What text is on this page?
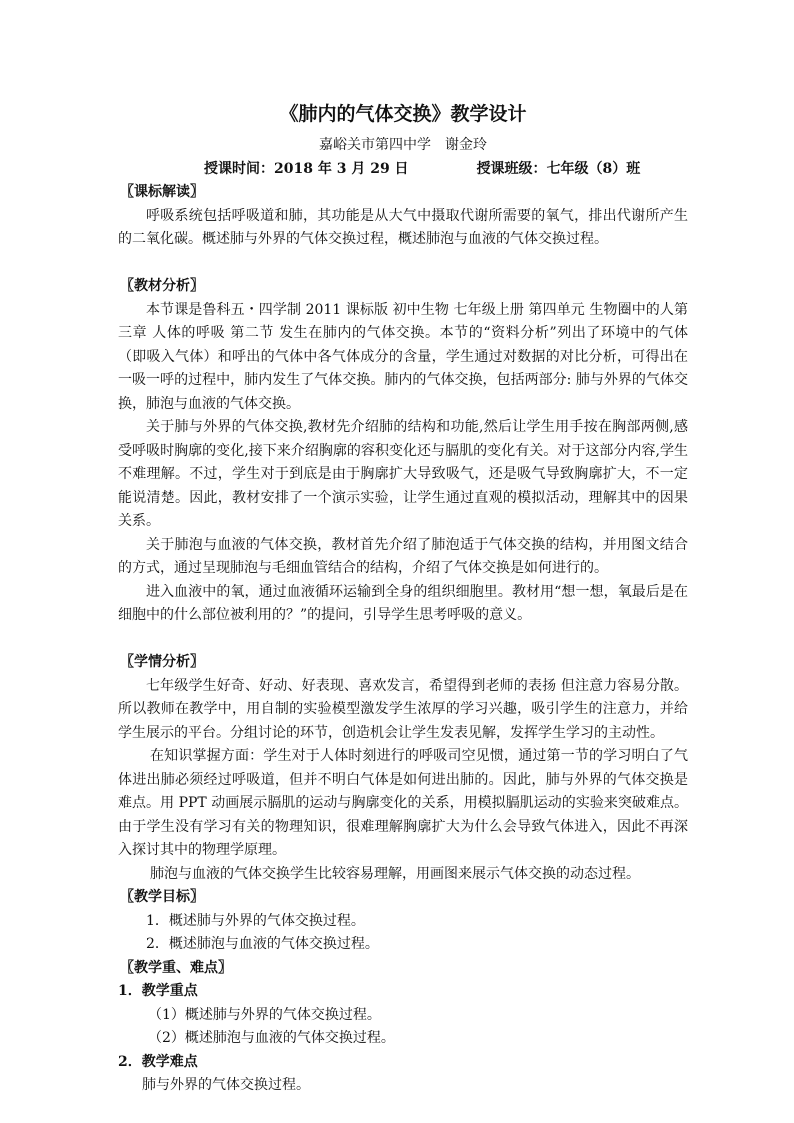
《肺内的气体交换》教学设计

嘉峪关市第四中学　谢金玲

授课时间：2018 年 3 月 29 日	授课班级：七年级（8）班

〖课标解读〗

呼吸系统包括呼吸道和肺，其功能是从大气中摄取代谢所需要的氧气，排出代谢所产生的二氧化碳。概述肺与外界的气体交换过程，概述肺泡与血液的气体交换过程。

〖教材分析〗

本节课是鲁科五・四学制 2011 课标版 初中生物 七年级上册 第四单元 生物圈中的人第三章 人体的呼吸 第二节 发生在肺内的气体交换。本节的“资料分析”列出了环境中的气体（即吸入气体）和呼出的气体中各气体成分的含量，学生通过对数据的对比分析，可得出在一吸一呼的过程中，肺内发生了气体交换。肺内的气体交换，包括两部分: 肺与外界的气体交换，肺泡与血液的气体交换。

关于肺与外界的气体交换,教材先介绍肺的结构和功能,然后让学生用手按在胸部两侧,感受呼吸时胸廓的变化,接下来介绍胸廓的容积变化还与膈肌的变化有关。对于这部分内容,学生不难理解。不过，学生对于到底是由于胸廓扩大导致吸气，还是吸气导致胸廓扩大，不一定能说清楚。因此，教材安排了一个演示实验，让学生通过直观的模拟活动，理解其中的因果关系。

关于肺泡与血液的气体交换，教材首先介绍了肺泡适于气体交换的结构，并用图文结合的方式，通过呈现肺泡与毛细血管结合的结构，介绍了气体交换是如何进行的。

进入血液中的氧，通过血液循环运输到全身的组织细胞里。教材用“想一想，氧最后是在细胞中的什么部位被利用的？”的提问，引导学生思考呼吸的意义。

〖学情分析〗

七年级学生好奇、好动、好表现、喜欢发言，希望得到老师的表扬 但注意力容易分散。所以教师在教学中，用自制的实验模型激发学生浓厚的学习兴趣，吸引学生的注意力，并给学生展示的平台。分组讨论的环节，创造机会让学生发表见解，发挥学生学习的主动性。

在知识掌握方面：学生对于人体时刻进行的呼吸司空见惯，通过第一节的学习明白了气体进出肺必须经过呼吸道，但并不明白气体是如何进出肺的。因此，肺与外界的气体交换是难点。用 PPT 动画展示膈肌的运动与胸廓变化的关系，用模拟膈肌运动的实验来突破难点。由于学生没有学习有关的物理知识，很难理解胸廓扩大为什么会导致气体进入，因此不再深入探讨其中的物理学原理。

肺泡与血液的气体交换学生比较容易理解，用画图来展示气体交换的动态过程。

〖教学目标〗

1．概述肺与外界的气体交换过程。

2．概述肺泡与血液的气体交换过程。

〖教学重、难点〗

1．教学重点

（1）概述肺与外界的气体交换过程。

（2）概述肺泡与血液的气体交换过程。

2．教学难点

肺与外界的气体交换过程。
